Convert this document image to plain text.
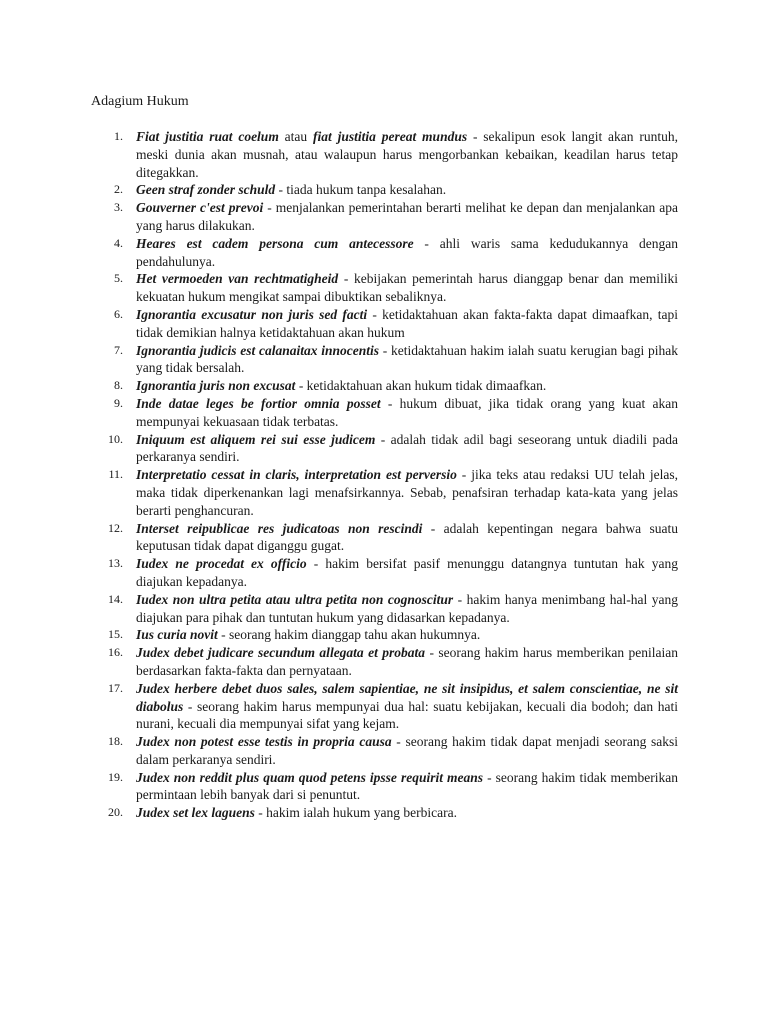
Adagium Hukum
1. Fiat justitia ruat coelum atau fiat justitia pereat mundus - sekalipun esok langit akan runtuh, meski dunia akan musnah, atau walaupun harus mengorbankan kebaikan, keadilan harus tetap ditegakkan.
2. Geen straf zonder schuld - tiada hukum tanpa kesalahan.
3. Gouverner c'est prevoi - menjalankan pemerintahan berarti melihat ke depan dan menjalankan apa yang harus dilakukan.
4. Heares est cadem persona cum antecessore - ahli waris sama kedudukannya dengan pendahulunya.
5. Het vermoeden van rechtmatigheid - kebijakan pemerintah harus dianggap benar dan memiliki kekuatan hukum mengikat sampai dibuktikan sebaliknya.
6. Ignorantia excusatur non juris sed facti - ketidaktahuan akan fakta-fakta dapat dimaafkan, tapi tidak demikian halnya ketidaktahuan akan hukum
7. Ignorantia judicis est calanaitax innocentis - ketidaktahuan hakim ialah suatu kerugian bagi pihak yang tidak bersalah.
8. Ignorantia juris non excusat - ketidaktahuan akan hukum tidak dimaafkan.
9. Inde datae leges be fortior omnia posset - hukum dibuat, jika tidak orang yang kuat akan mempunyai kekuasaan tidak terbatas.
10. Iniquum est aliquem rei sui esse judicem - adalah tidak adil bagi seseorang untuk diadili pada perkaranya sendiri.
11. Interpretatio cessat in claris, interpretation est perversio - jika teks atau redaksi UU telah jelas, maka tidak diperkenankan lagi menafsirkannya. Sebab, penafsiran terhadap kata-kata yang jelas berarti penghancuran.
12. Interset reipublicae res judicatoas non rescindi - adalah kepentingan negara bahwa suatu keputusan tidak dapat diganggu gugat.
13. Iudex ne procedat ex officio - hakim bersifat pasif menunggu datangnya tuntutan hak yang diajukan kepadanya.
14. Iudex non ultra petita atau ultra petita non cognoscitur - hakim hanya menimbang hal-hal yang diajukan para pihak dan tuntutan hukum yang didasarkan kepadanya.
15. Ius curia novit - seorang hakim dianggap tahu akan hukumnya.
16. Judex debet judicare secundum allegata et probata - seorang hakim harus memberikan penilaian berdasarkan fakta-fakta dan pernyataan.
17. Judex herbere debet duos sales, salem sapientiae, ne sit insipidus, et salem conscientiae, ne sit diabolus - seorang hakim harus mempunyai dua hal: suatu kebijakan, kecuali dia bodoh; dan hati nurani, kecuali dia mempunyai sifat yang kejam.
18. Judex non potest esse testis in propria causa - seorang hakim tidak dapat menjadi seorang saksi dalam perkaranya sendiri.
19. Judex non reddit plus quam quod petens ipsse requirit means - seorang hakim tidak memberikan permintaan lebih banyak dari si penuntut.
20. Judex set lex laguens - hakim ialah hukum yang berbicara.
